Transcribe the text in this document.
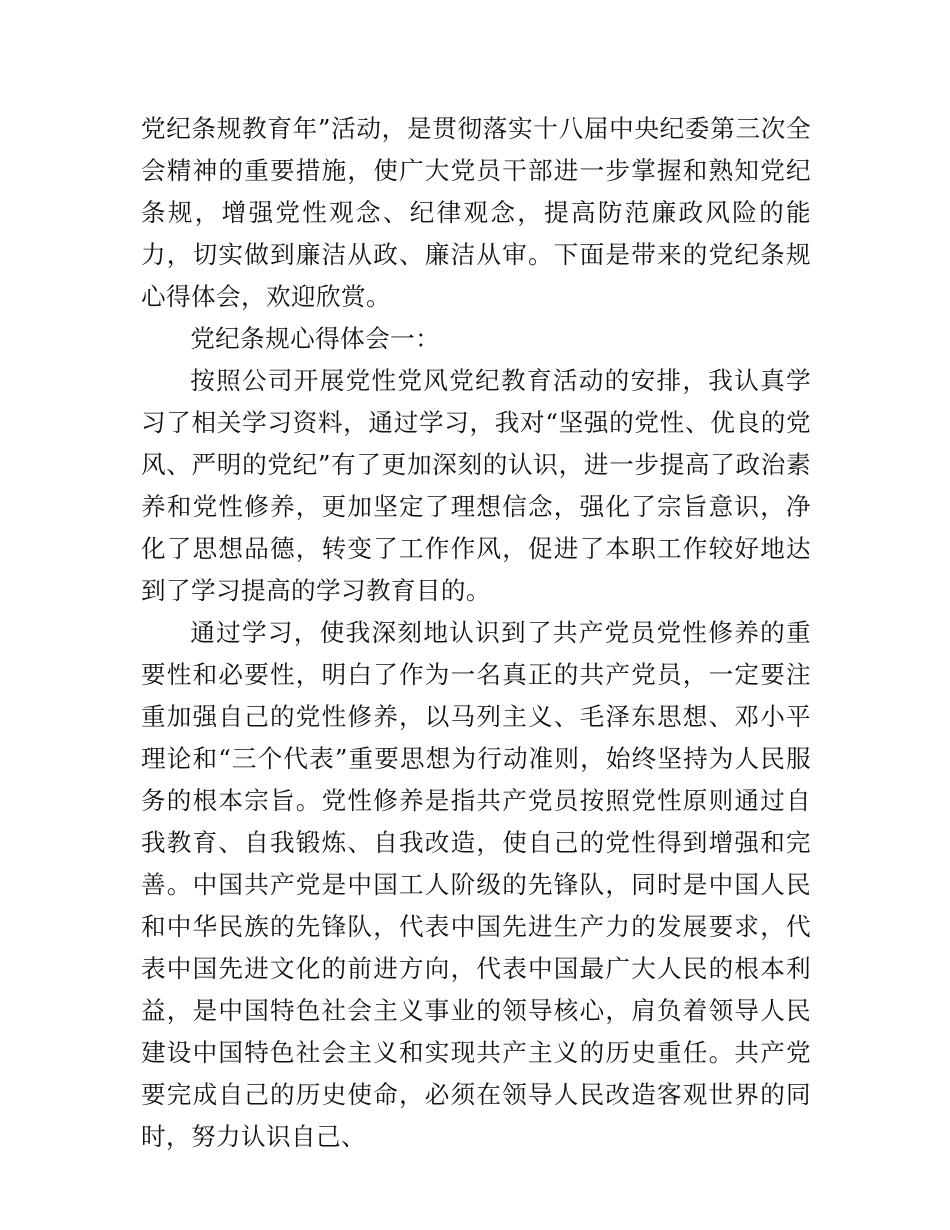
党纪条规教育年”活动，是贯彻落实十八届中央纪委第三次全会精神的重要措施，使广大党员干部进一步掌握和熟知党纪条规，增强党性观念、纪律观念，提高防范廉政风险的能力，切实做到廉洁从政、廉洁从审。下面是带来的党纪条规心得体会，欢迎欣赏。

党纪条规心得体会一：

按照公司开展党性党风党纪教育活动的安排，我认真学习了相关学习资料，通过学习，我对“坚强的党性、优良的党风、严明的党纪”有了更加深刻的认识，进一步提高了政治素养和党性修养，更加坚定了理想信念，强化了宗旨意识，净化了思想品德，转变了工作作风，促进了本职工作较好地达到了学习提高的学习教育目的。

通过学习，使我深刻地认识到了共产党员党性修养的重要性和必要性，明白了作为一名真正的共产党员，一定要注重加强自己的党性修养，以马列主义、毛泽东思想、邓小平理论和“三个代表”重要思想为行动准则，始终坚持为人民服务的根本宗旨。党性修养是指共产党员按照党性原则通过自我教育、自我锻炼、自我改造，使自己的党性得到增强和完善。中国共产党是中国工人阶级的先锋队，同时是中国人民和中华民族的先锋队，代表中国先进生产力的发展要求，代表中国先进文化的前进方向，代表中国最广大人民的根本利益，是中国特色社会主义事业的领导核心，肩负着领导人民建设中国特色社会主义和实现共产主义的历史重任。共产党要完成自己的历史使命，必须在领导人民改造客观世界的同时，努力认识自己、
